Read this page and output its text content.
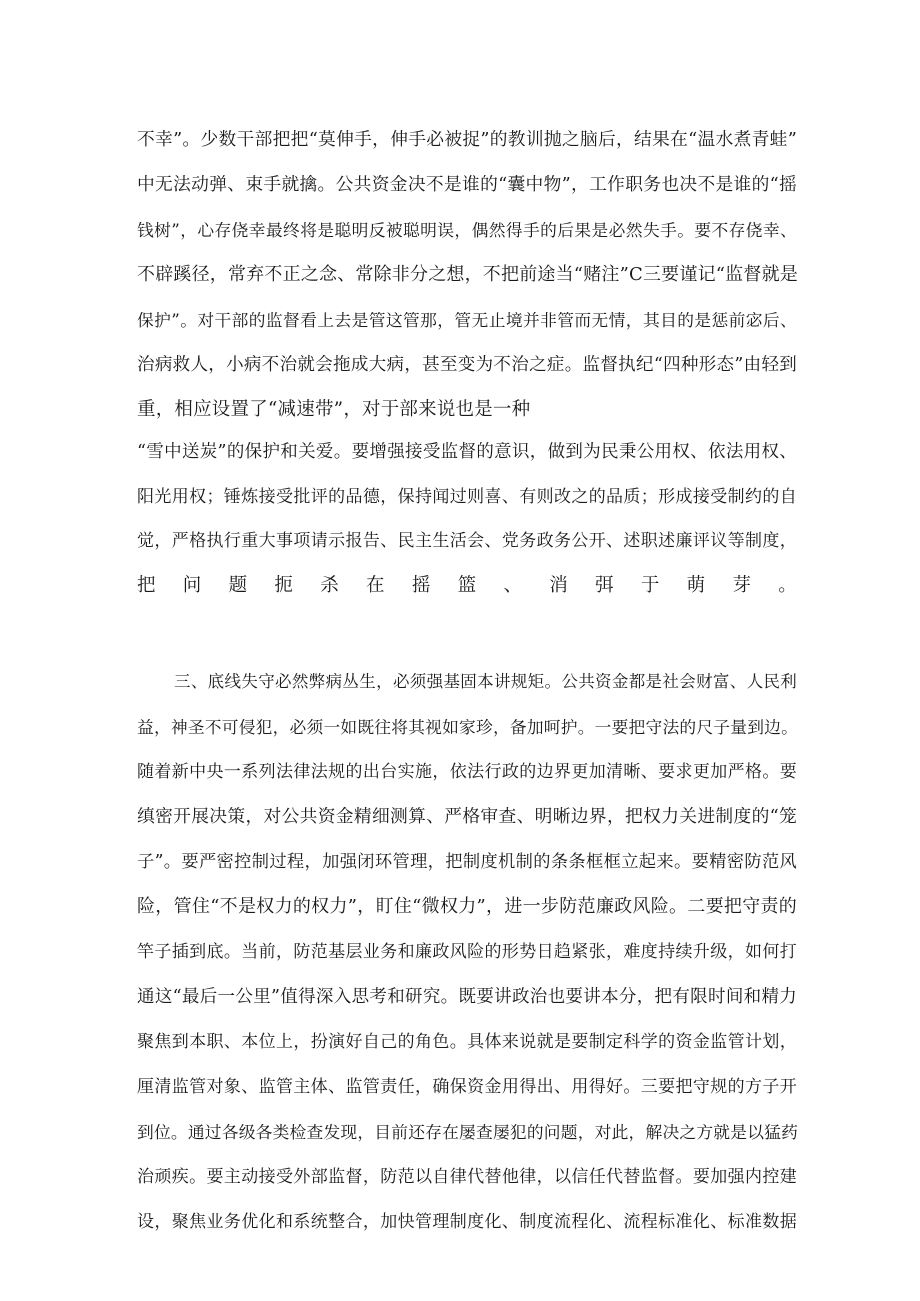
不幸”。少数干部把把“莫伸手，伸手必被捉”的教训抛之脑后，结果在“温水煮青蛙”
中无法动弹、束手就擒。公共资金决不是谁的“囊中物”，工作职务也决不是谁的“摇
钱树”，心存侥幸最终将是聪明反被聪明误，偶然得手的后果是必然失手。要不存侥幸、
不辟蹊径，常弃不正之念、常除非分之想，不把前途当“赌注”C三要谨记“监督就是
保护”。对干部的监督看上去是管这管那，管无止境并非管而无情，其目的是惩前宓后、
治病救人，小病不治就会拖成大病，甚至变为不治之症。监督执纪“四种形态”由轻到
重，相应设置了“减速带”，对于部来说也是一种
“雪中送炭”的保护和关爱。要增强接受监督的意识，做到为民秉公用权、依法用权、
阳光用权；锤炼接受批评的品德，保持闻过则喜、有则改之的品质；形成接受制约的自
觉，严格执行重大事项请示报告、民主生活会、党务政务公开、述职述廉评议等制度，
把问题扼杀在摇篮、消弭于萌芽。
三、底线失守必然弊病丛生，必须强基固本讲规矩。公共资金都是社会财富、人民利
益，神圣不可侵犯，必须一如既往将其视如家珍，备加呵护。一要把守法的尺子量到边。
随着新中央一系列法律法规的出台实施，依法行政的边界更加清晰、要求更加严格。要
缜密开展决策，对公共资金精细测算、严格审查、明晰边界，把权力关进制度的“笼
子”。要严密控制过程，加强闭环管理，把制度机制的条条框框立起来。要精密防范风
险，管住“不是权力的权力”，盯住“微权力”，进一步防范廉政风险。二要把守责的
竿子插到底。当前，防范基层业务和廉政风险的形势日趋紧张，难度持续升级，如何打
通这“最后一公里”值得深入思考和研究。既要讲政治也要讲本分，把有限时间和精力
聚焦到本职、本位上，扮演好自己的角色。具体来说就是要制定科学的资金监管计划，
厘清监管对象、监管主体、监管责任，确保资金用得出、用得好。三要把守规的方子开
到位。通过各级各类检查发现，目前还存在屡查屡犯的问题，对此，解决之方就是以猛药
治顽疾。要主动接受外部监督，防范以自律代替他律，以信任代替监督。要加强内控建
设，聚焦业务优化和系统整合，加快管理制度化、制度流程化、流程标准化、标准数据
